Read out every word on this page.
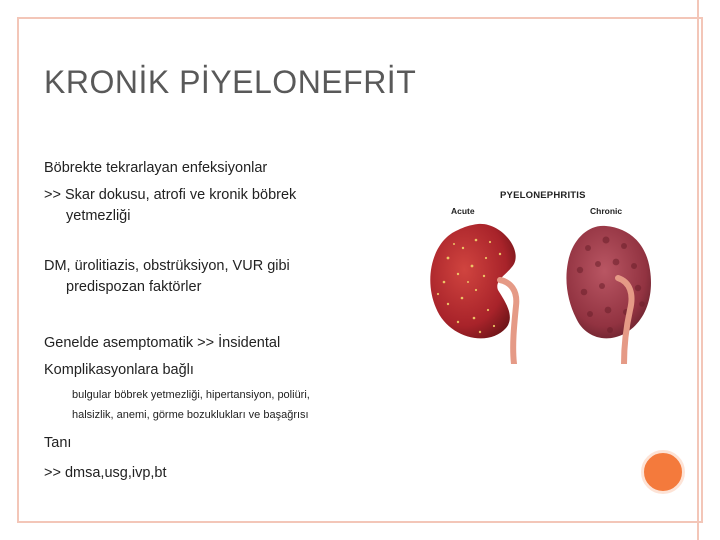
KRONİK PİYELONEFRİT

Böbrekte tekrarlayan enfeksiyonlar

>> Skar dokusu, atrofi ve kronik böbrek

yetmezliği

DM, ürolitiazis, obstrüksiyon, VUR gibi

predispozan faktörler

Genelde asemptomatik >> İnsidental

Komplikasyonlara bağlı

bulgular böbrek yetmezliği, hipertansiyon, poliüri,

halsizlik, anemi, görme bozuklukları ve başağrısı

Tanı

>> dmsa,usg,ivp,bt

PYELONEPHRITIS
Acute	Chronic
